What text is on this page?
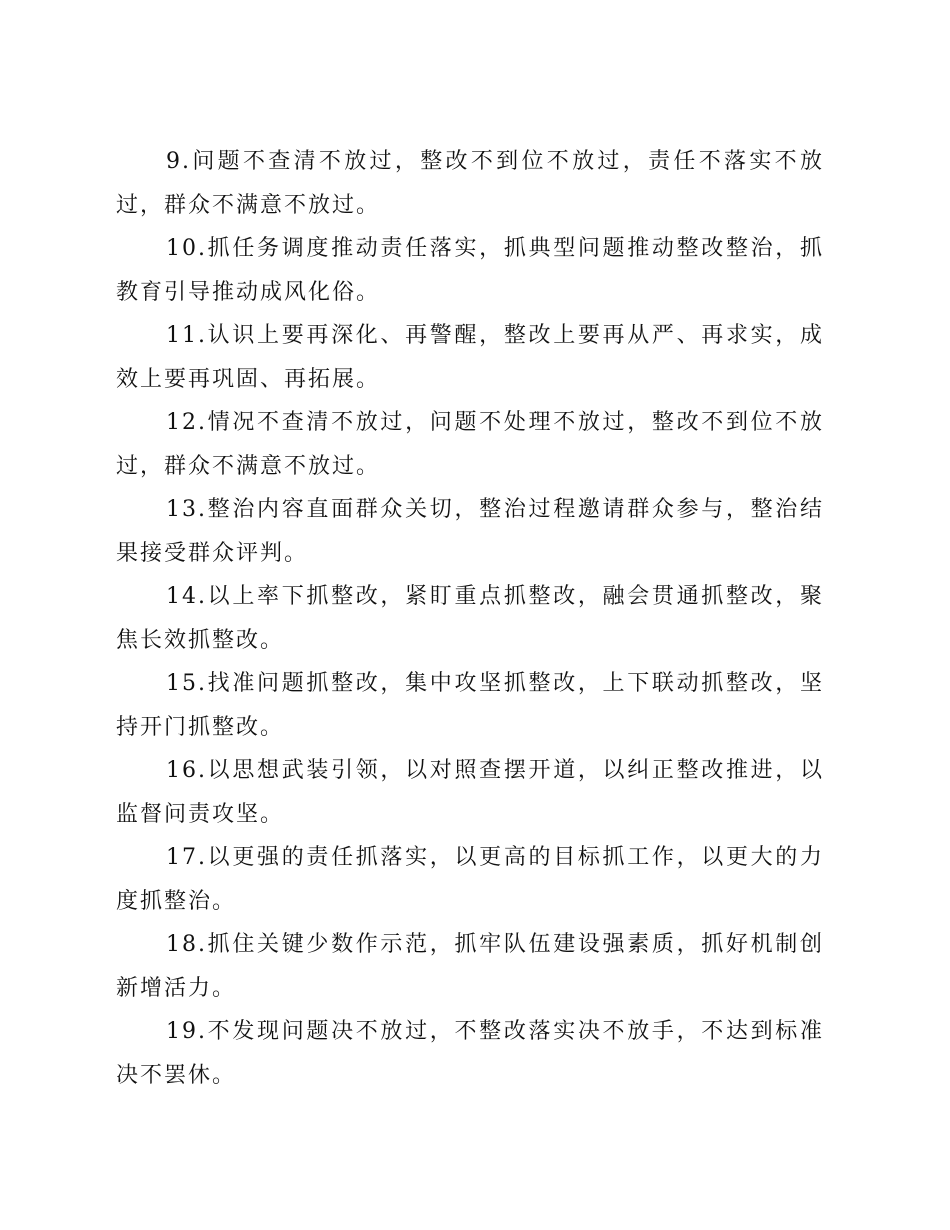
9.问题不查清不放过，整改不到位不放过，责任不落实不放过，群众不满意不放过。

10.抓任务调度推动责任落实，抓典型问题推动整改整治，抓教育引导推动成风化俗。

11.认识上要再深化、再警醒，整改上要再从严、再求实，成效上要再巩固、再拓展。

12.情况不查清不放过，问题不处理不放过，整改不到位不放过，群众不满意不放过。

13.整治内容直面群众关切，整治过程邀请群众参与，整治结果接受群众评判。

14.以上率下抓整改，紧盯重点抓整改，融会贯通抓整改，聚焦长效抓整改。

15.找准问题抓整改，集中攻坚抓整改，上下联动抓整改，坚持开门抓整改。

16.以思想武装引领，以对照查摆开道，以纠正整改推进，以监督问责攻坚。

17.以更强的责任抓落实，以更高的目标抓工作，以更大的力度抓整治。

18.抓住关键少数作示范，抓牢队伍建设强素质，抓好机制创新增活力。

19.不发现问题决不放过，不整改落实决不放手，不达到标准决不罢休。
